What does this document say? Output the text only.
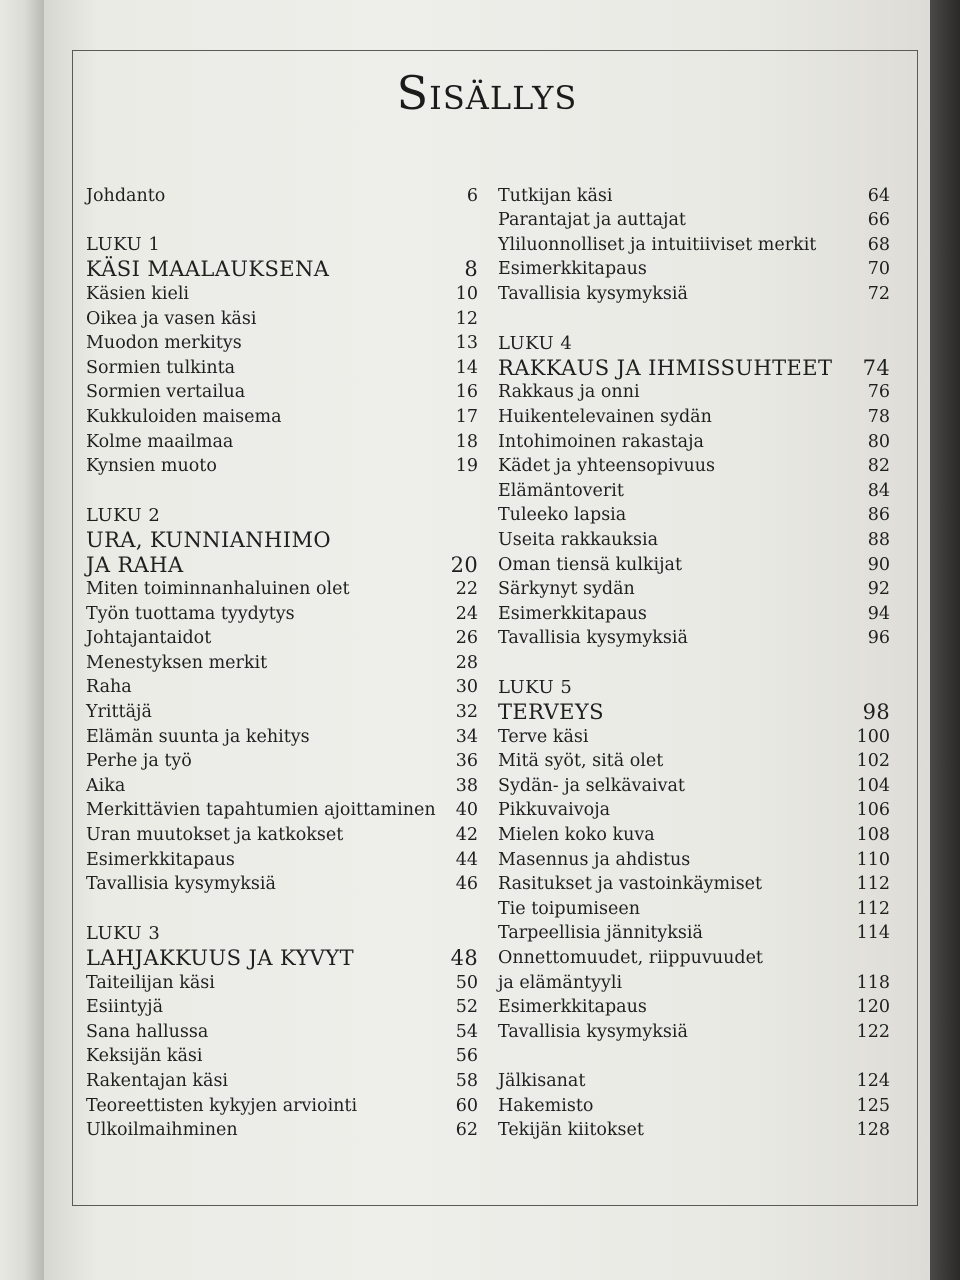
SISÄLLYS
Johdanto	6
LUKU 1
KÄSI MAALAUKSENA	8
Käsien kieli	10
Oikea ja vasen käsi	12
Muodon merkitys	13
Sormien tulkinta	14
Sormien vertailua	16
Kukkuloiden maisema	17
Kolme maailmaa	18
Kynsien muoto	19
LUKU 2
URA, KUNNIANHIMO
JA RAHA	20
Miten toiminnanhaluinen olet	22
Työn tuottama tyydytys	24
Johtajantaidot	26
Menestyksen merkit	28
Raha	30
Yrittäjä	32
Elämän suunta ja kehitys	34
Perhe ja työ	36
Aika	38
Merkittävien tapahtumien ajoittaminen	40
Uran muutokset ja katkokset	42
Esimerkkitapaus	44
Tavallisia kysymyksiä	46
LUKU 3
LAHJAKKUUS JA KYVYT	48
Taiteilijan käsi	50
Esiintyjä	52
Sana hallussa	54
Keksijän käsi	56
Rakentajan käsi	58
Teoreettisten kykyjen arviointi	60
Ulkoilmaihminen	62
Tutkijan käsi	64
Parantajat ja auttajat	66
Yliluonnolliset ja intuitiiviset merkit	68
Esimerkkitapaus	70
Tavallisia kysymyksiä	72
LUKU 4
RAKKAUS JA IHMISSUHTEET 74
Rakkaus ja onni	76
Huikentelevainen sydän	78
Intohimoinen rakastaja	80
Kädet ja yhteensopivuus	82
Elämäntoverit	84
Tuleeko lapsia	86
Useita rakkauksia	88
Oman tiensä kulkijat	90
Särkynyt sydän	92
Esimerkkitapaus	94
Tavallisia kysymyksiä	96
LUKU 5
TERVEYS	98
Terve käsi	100
Mitä syöt, sitä olet	102
Sydän- ja selkävaivat	104
Pikkuvaivoja	106
Mielen koko kuva	108
Masennus ja ahdistus	110
Rasitukset ja vastoinkäymiset	112
Tie toipumiseen	112
Tarpeellisia jännityksiä	114
Onnettomuudet, riippuvuudet
ja elämäntyyli	118
Esimerkkitapaus	120
Tavallisia kysymyksiä	122
Jälkisanat	124
Hakemisto	125
Tekijän kiitokset	128
